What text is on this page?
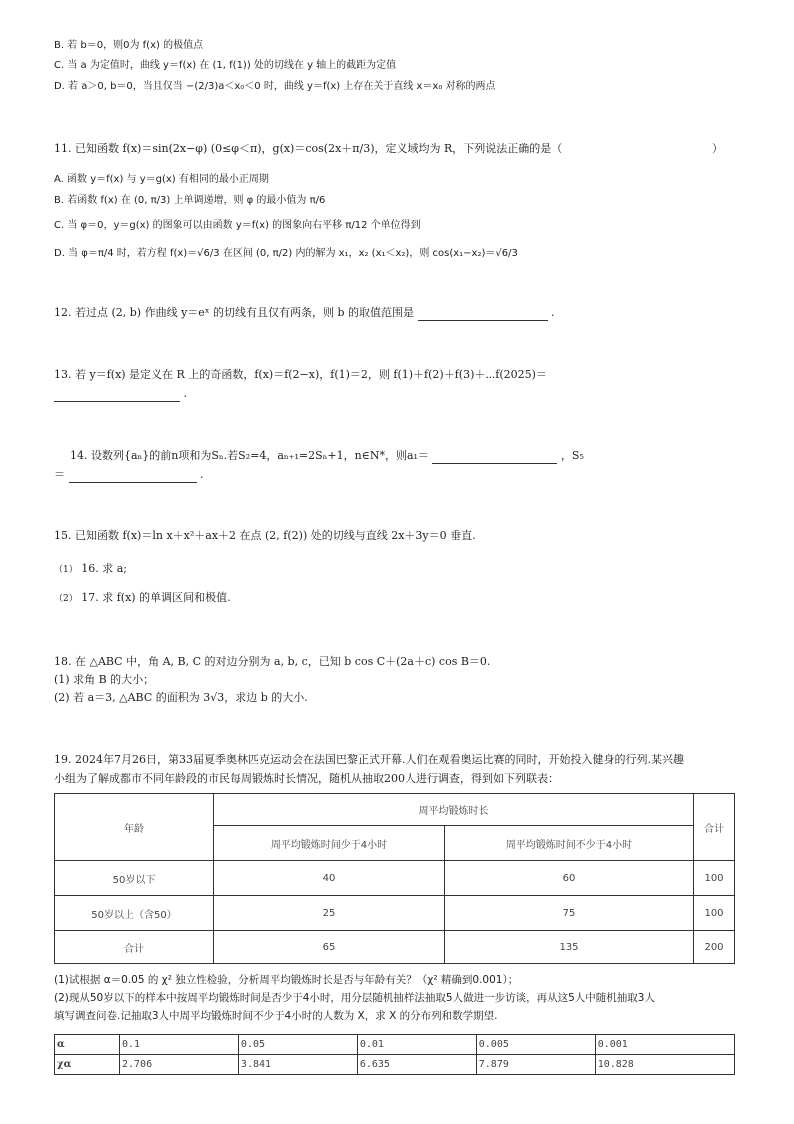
B. 若 b＝0，则0为 f(x) 的极值点
C. 当 a 为定值时，曲线 y＝f(x) 在 (1, f(1)) 处的切线在 y 轴上的截距为定值
D. 若 a＞0, b＝0，当且仅当 −(2/3)a＜x₀＜0 时，曲线 y＝f(x) 上存在关于直线 x＝x₀ 对称的两点
11. 已知函数 f(x)＝sin(2x−φ) (0≤φ＜π)，g(x)＝cos(2x＋π/3)，定义域均为 R，下列说法正确的是（	）
A. 函数 y＝f(x) 与 y＝g(x) 有相同的最小正周期
B. 若函数 f(x) 在 (0, π/3) 上单调递增，则 φ 的最小值为 π/6
C. 当 φ＝0，y＝g(x) 的图象可以由函数 y＝f(x) 的图象向右平移 π/12 个单位得到
D. 当 φ＝π/4 时，若方程 f(x)＝√6/3 在区间 (0, π/2) 内的解为 x₁，x₂ (x₁＜x₂)，则 cos(x₁−x₂)＝√6/3
12. 若过点 (2, b) 作曲线 y＝eˣ 的切线有且仅有两条，则 b 的取值范围是	.
13. 若 y＝f(x) 是定义在 R 上的奇函数，f(x)＝f(2−x)，f(1)＝2，则 f(1)＋f(2)＋f(3)＋⋯f(2025)＝
.
14. 设数列{aₙ}的前n项和为Sₙ.若S₂=4，aₙ₊₁=2Sₙ+1，n∈N*，则a₁＝	，S₅
＝	.
15. 已知函数 f(x)＝ln x＋x²＋ax＋2 在点 (2, f(2)) 处的切线与直线 2x＋3y＝0 垂直.
（1） 16. 求 a;
（2） 17. 求 f(x) 的单调区间和极值.
18. 在 △ABC 中，角 A, B, C 的对边分别为 a, b, c，已知 b cos C＋(2a＋c) cos B＝0.
(1) 求角 B 的大小；
(2) 若 a＝3, △ABC 的面积为 3√3，求边 b 的大小.
19. 2024年7月26日，第33届夏季奥林匹克运动会在法国巴黎正式开幕.人们在观看奥运比赛的同时，开始投入健身的行列.某兴趣
小组为了解成都市不同年龄段的市民每周锻炼时长情况，随机从抽取200人进行调查，得到如下列联表：
年龄	周平均锻炼时长		合计
	周平均锻炼时间少于4小时	周平均锻炼时间不少于4小时	
50岁以下	40	60	100
50岁以上（含50）	25	75	100
合计	65	135	200
(1)试根据 α＝0.05 的 χ² 独立性检验，分析周平均锻炼时长是否与年龄有关？（χ² 精确到0.001）；
(2)现从50岁以下的样本中按周平均锻炼时间是否少于4小时，用分层随机抽样法抽取5人做进一步访谈，再从这5人中随机抽取3人
填写调查问卷.记抽取3人中周平均锻炼时间不少于4小时的人数为 X，求 X 的分布列和数学期望.
α	0.1	0.05	0.01	0.005	0.001
χα	2.706	3.841	6.635	7.879	10.828
